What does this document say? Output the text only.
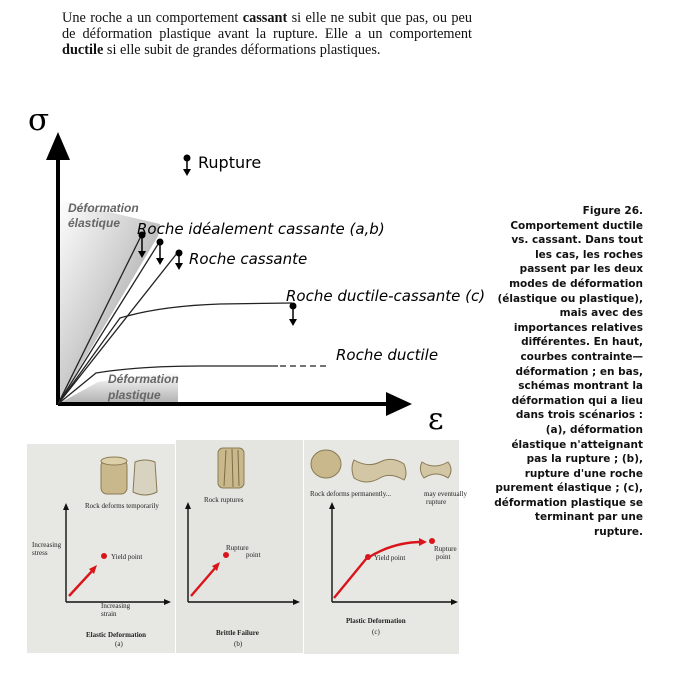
Une roche a un comportement cassant si elle ne subit que pas, ou peu de déformation plastique avant la rupture. Elle a un comportement ductile si elle subit de grandes déformations plastiques.
σ
ε
Rupture
Déformation
élastique
Déformation
plastique
Roche idéalement cassante (a,b)
Roche cassante
Roche ductile-cassante (c)
Roche ductile
Figure 26. Comportement ductile vs. cassant. Dans tout les cas, les roches passent par les deux modes de déformation (élastique ou plastique), mais avec des importances relatives différentes. En haut, courbes contrainte—déformation ; en bas, schémas montrant la déformation qui a lieu dans trois scénarios : (a), déformation élastique n'atteignant pas la rupture ; (b), rupture d'une roche purement élastique ; (c), déformation plastique se terminant par une rupture.
Rock deforms temporarily
Increasing
stress	Yield point
Increasing
strain
Elastic Deformation
(a)
Rock ruptures
Rupture
point
Brittle Failure
(b)
Rock deforms permanently...	may eventually
rupture
Yield point
Rupture
point
Plastic Deformation
(c)
